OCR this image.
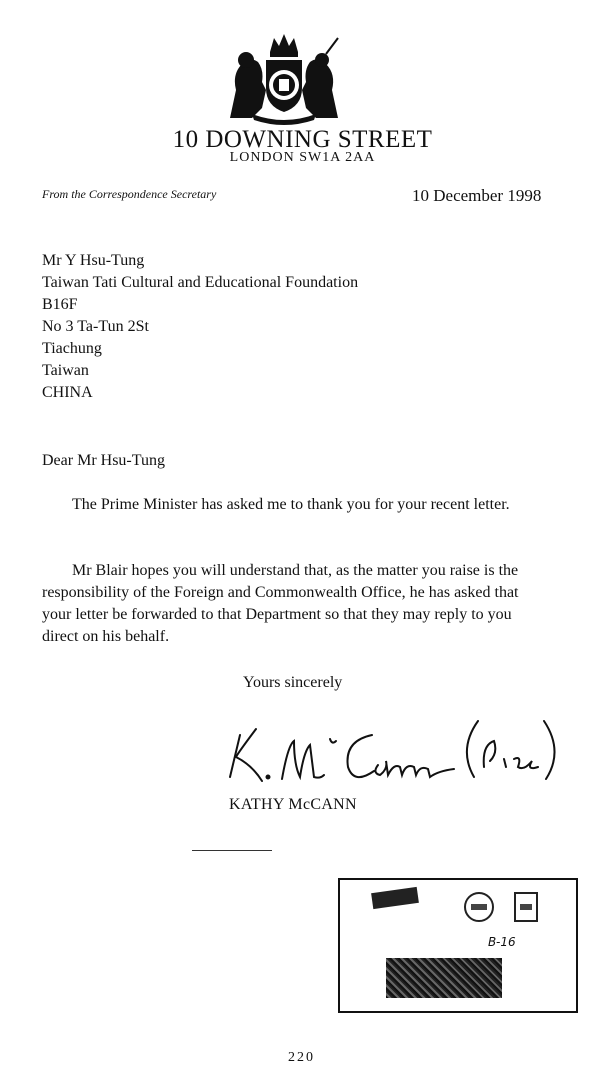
10 DOWNING STREET
LONDON SW1A 2AA
From the Correspondence Secretary	10 December 1998
Mr Y Hsu-Tung
Taiwan Tati Cultural and Educational Foundation
B16F
No 3 Ta-Tun 2St
Tiachung
Taiwan
CHINA
Dear Mr Hsu-Tung
The Prime Minister has asked me to thank you for your recent letter.
Mr Blair hopes you will understand that, as the matter you raise is the responsibility of the Foreign and Commonwealth Office, he has asked that your letter be forwarded to that Department so that they may reply to you direct on his behalf.
Yours sincerely
KATHY McCANN
B-16
220
